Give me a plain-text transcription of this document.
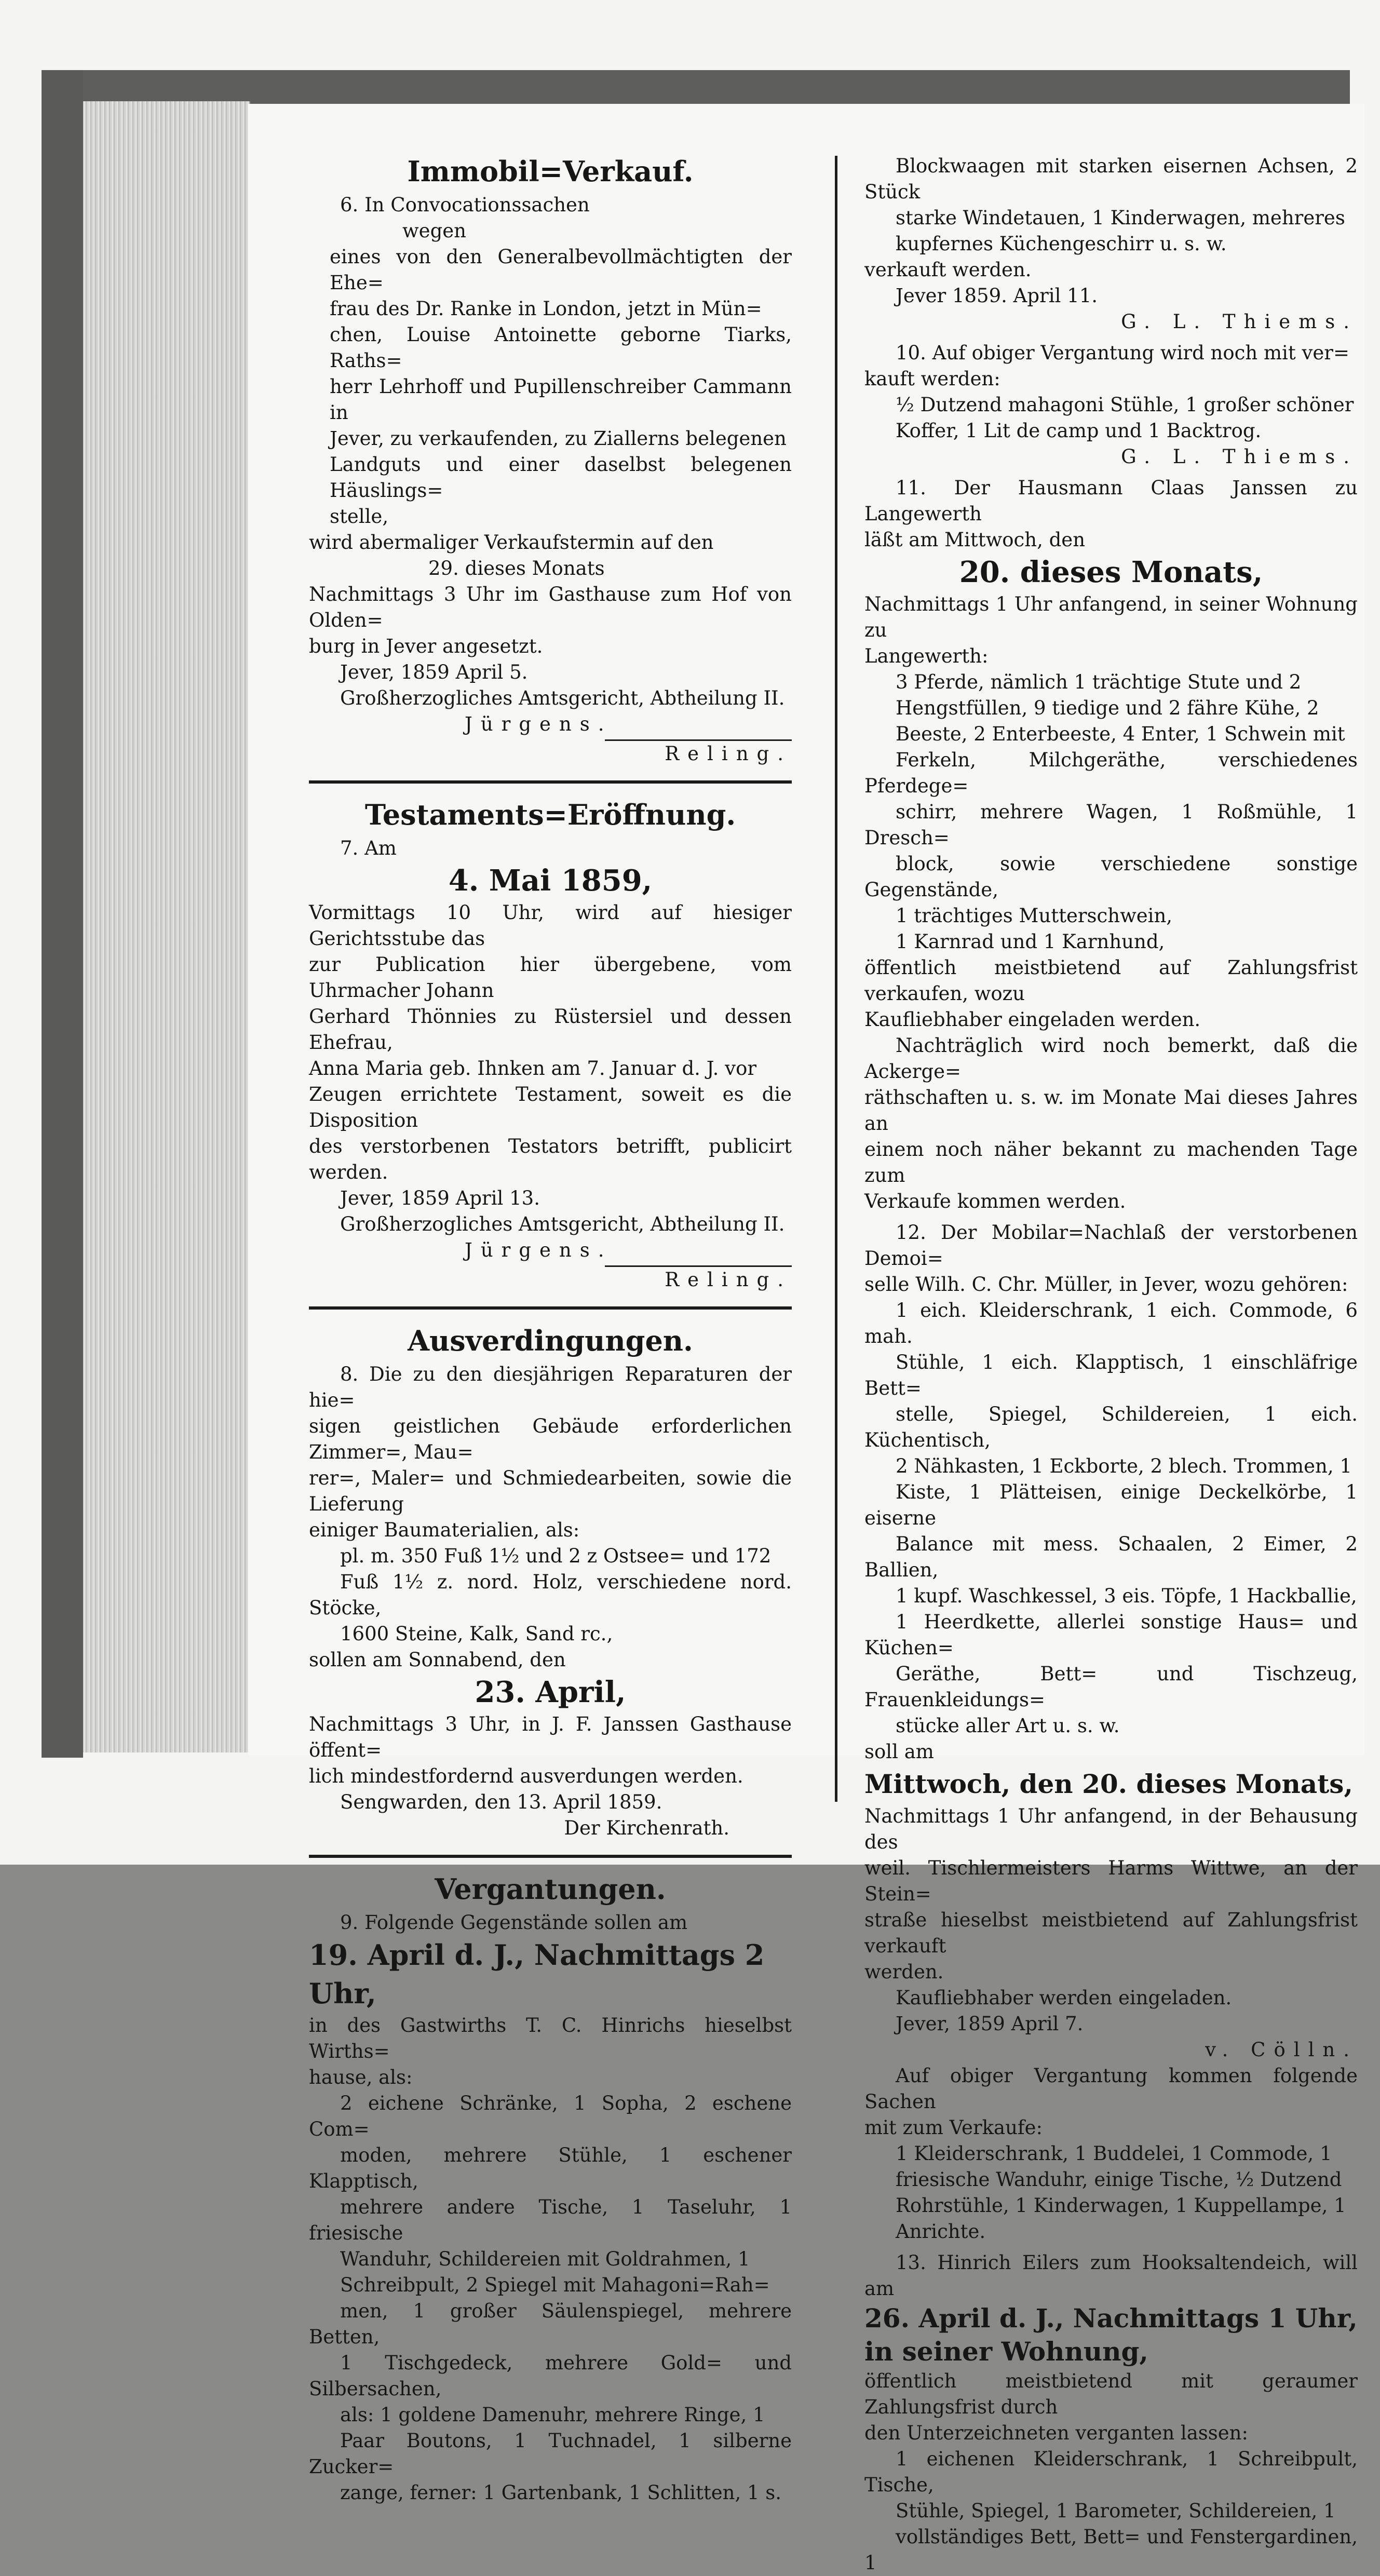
Immobil=Verkauf.

6. In Convocationssachen

wegen

eines von den Generalbevollmächtigten der Ehe=

frau des Dr. Ranke in London, jetzt in Mün=

chen, Louise Antoinette geborne Tiarks, Raths=

herr Lehrhoff und Pupillenschreiber Cammann in

Jever, zu verkaufenden, zu Ziallerns belegenen

Landguts und einer daselbst belegenen Häuslings=

stelle,

wird abermaliger Verkaufstermin auf den

29. dieses Monats

Nachmittags 3 Uhr im Gasthause zum Hof von Olden=

burg in Jever angesetzt.

Jever, 1859 April 5.

Großherzogliches Amtsgericht, Abtheilung II.

Jürgens.

Reling.

Testaments=Eröffnung.

7. Am

4. Mai 1859,

Vormittags 10 Uhr, wird auf hiesiger Gerichtsstube das

zur Publication hier übergebene, vom Uhrmacher Johann

Gerhard Thönnies zu Rüstersiel und dessen Ehefrau,

Anna Maria geb. Ihnken am 7. Januar d. J. vor

Zeugen errichtete Testament, soweit es die Disposition

des verstorbenen Testators betrifft, publicirt werden.

Jever, 1859 April 13.

Großherzogliches Amtsgericht, Abtheilung II.

Jürgens.

Reling.

Ausverdingungen.

8. Die zu den diesjährigen Reparaturen der hie=

sigen geistlichen Gebäude erforderlichen Zimmer=, Mau=

rer=, Maler= und Schmiedearbeiten, sowie die Lieferung

einiger Baumaterialien, als:

pl. m. 350 Fuß 1½ und 2 z Ostsee= und 172

Fuß 1½ z. nord. Holz, verschiedene nord. Stöcke,

1600 Steine, Kalk, Sand rc.,

sollen am Sonnabend, den

23. April,

Nachmittags 3 Uhr, in J. F. Janssen Gasthause öffent=

lich mindestfordernd ausverdungen werden.

Sengwarden, den 13. April 1859.

Der Kirchenrath.

Vergantungen.

9. Folgende Gegenstände sollen am

19. April d. J., Nachmittags 2 Uhr,

in des Gastwirths T. C. Hinrichs hieselbst Wirths=

hause, als:

2 eichene Schränke, 1 Sopha, 2 eschene Com=

moden, mehrere Stühle, 1 eschener Klapptisch,

mehrere andere Tische, 1 Taseluhr, 1 friesische

Wanduhr, Schildereien mit Goldrahmen, 1

Schreibpult, 2 Spiegel mit Mahagoni=Rah=

men, 1 großer Säulenspiegel, mehrere Betten,

1 Tischgedeck, mehrere Gold= und Silbersachen,

als: 1 goldene Damenuhr, mehrere Ringe, 1

Paar Boutons, 1 Tuchnadel, 1 silberne Zucker=

zange, ferner: 1 Gartenbank, 1 Schlitten, 1 s.

Blockwaagen mit starken eisernen Achsen, 2 Stück

starke Windetauen, 1 Kinderwagen, mehreres

kupfernes Küchengeschirr u. s. w.

verkauft werden.

Jever 1859. April 11.

G. L. Thiems.

10. Auf obiger Vergantung wird noch mit ver=

kauft werden:

½ Dutzend mahagoni Stühle, 1 großer schöner

Koffer, 1 Lit de camp und 1 Backtrog.

G. L. Thiems.

11. Der Hausmann Claas Janssen zu Langewerth

läßt am Mittwoch, den

20. dieses Monats,

Nachmittags 1 Uhr anfangend, in seiner Wohnung zu

Langewerth:

3 Pferde, nämlich 1 trächtige Stute und 2

Hengstfüllen, 9 tiedige und 2 fähre Kühe, 2

Beeste, 2 Enterbeeste, 4 Enter, 1 Schwein mit

Ferkeln, Milchgeräthe, verschiedenes Pferdege=

schirr, mehrere Wagen, 1 Roßmühle, 1 Dresch=

block, sowie verschiedene sonstige Gegenstände,

1 trächtiges Mutterschwein,

1 Karnrad und 1 Karnhund,

öffentlich meistbietend auf Zahlungsfrist verkaufen, wozu

Kaufliebhaber eingeladen werden.

Nachträglich wird noch bemerkt, daß die Ackerge=

räthschaften u. s. w. im Monate Mai dieses Jahres an

einem noch näher bekannt zu machenden Tage zum

Verkaufe kommen werden.

12. Der Mobilar=Nachlaß der verstorbenen Demoi=

selle Wilh. C. Chr. Müller, in Jever, wozu gehören:

1 eich. Kleiderschrank, 1 eich. Commode, 6 mah.

Stühle, 1 eich. Klapptisch, 1 einschläfrige Bett=

stelle, Spiegel, Schildereien, 1 eich. Küchentisch,

2 Nähkasten, 1 Eckborte, 2 blech. Trommen, 1

Kiste, 1 Plätteisen, einige Deckelkörbe, 1 eiserne

Balance mit mess. Schaalen, 2 Eimer, 2 Ballien,

1 kupf. Waschkessel, 3 eis. Töpfe, 1 Hackballie,

1 Heerdkette, allerlei sonstige Haus= und Küchen=

Geräthe, Bett= und Tischzeug, Frauenkleidungs=

stücke aller Art u. s. w.

soll am

Mittwoch, den 20. dieses Monats,

Nachmittags 1 Uhr anfangend, in der Behausung des

weil. Tischlermeisters Harms Wittwe, an der Stein=

straße hieselbst meistbietend auf Zahlungsfrist verkauft

werden.

Kaufliebhaber werden eingeladen.

Jever, 1859 April 7.

v. Cölln.

Auf obiger Vergantung kommen folgende Sachen

mit zum Verkaufe:

1 Kleiderschrank, 1 Buddelei, 1 Commode, 1

friesische Wanduhr, einige Tische, ½ Dutzend

Rohrstühle, 1 Kinderwagen, 1 Kuppellampe, 1

Anrichte.

13. Hinrich Eilers zum Hooksaltendeich, will am

26. April d. J., Nachmittags 1 Uhr, in seiner Wohnung,

öffentlich meistbietend mit geraumer Zahlungsfrist durch

den Unterzeichneten verganten lassen:

1 eichenen Kleiderschrank, 1 Schreibpult, Tische,

Stühle, Spiegel, 1 Barometer, Schildereien, 1

vollständiges Bett, Bett= und Fenstergardinen, 1
